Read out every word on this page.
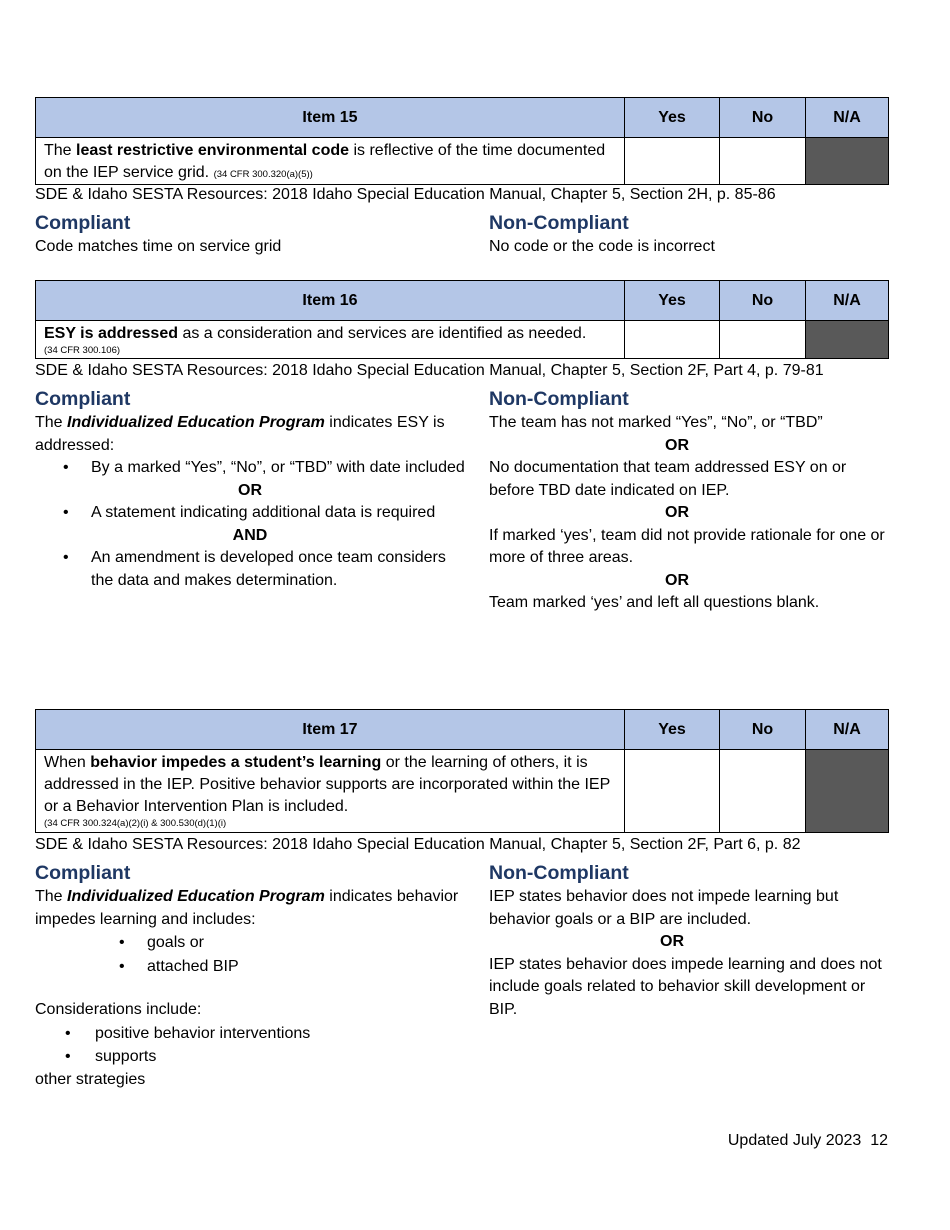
Item 15	Yes	No	N/A
The least restrictive environmental code is reflective of the time documented on the IEP service grid. (34 CFR 300.320(a)(5))			
SDE & Idaho SESTA Resources: 2018 Idaho Special Education Manual, Chapter 5, Section 2H, p. 85-86
Compliant

Code matches time on service grid

Non-Compliant

No code or the code is incorrect

Item 16	Yes	No	N/A
ESY is addressed as a consideration and services are identified as needed.
(34 CFR 300.106)			

SDE & Idaho SESTA Resources: 2018 Idaho Special Education Manual, Chapter 5, Section 2F, Part 4, p. 79-81
Compliant

The Individualized Education Program indicates ESY is addressed:

• By a marked “Yes”, “No”, or “TBD” with date included

OR

• A statement indicating additional data is required

AND

• An amendment is developed once team considers the data and makes determination.
Non-Compliant

The team has not marked “Yes”, “No”, or “TBD”

OR

No documentation that team addressed ESY on or before TBD date indicated on IEP.

OR

If marked ‘yes’, team did not provide rationale for one or more of three areas.

OR

Team marked ‘yes’ and left all questions blank.

Item 17	Yes	No	N/A
When behavior impedes a student’s learning or the learning of others, it is addressed in the IEP. Positive behavior supports are incorporated within the IEP or a Behavior Intervention Plan is included.
(34 CFR 300.324(a)(2)(i) & 300.530(d)(1)(i)			

SDE & Idaho SESTA Resources: 2018 Idaho Special Education Manual, Chapter 5, Section 2F, Part 6, p. 82
Compliant

The Individualized Education Program indicates behavior impedes learning and includes:

• goals or
• attached BIP

Considerations include:

• positive behavior interventions
• supports

other strategies

Non-Compliant

IEP states behavior does not impede learning but behavior goals or a BIP are included.

OR

IEP states behavior does impede learning and does not include goals related to behavior skill development or BIP.

Updated July 2023 12
